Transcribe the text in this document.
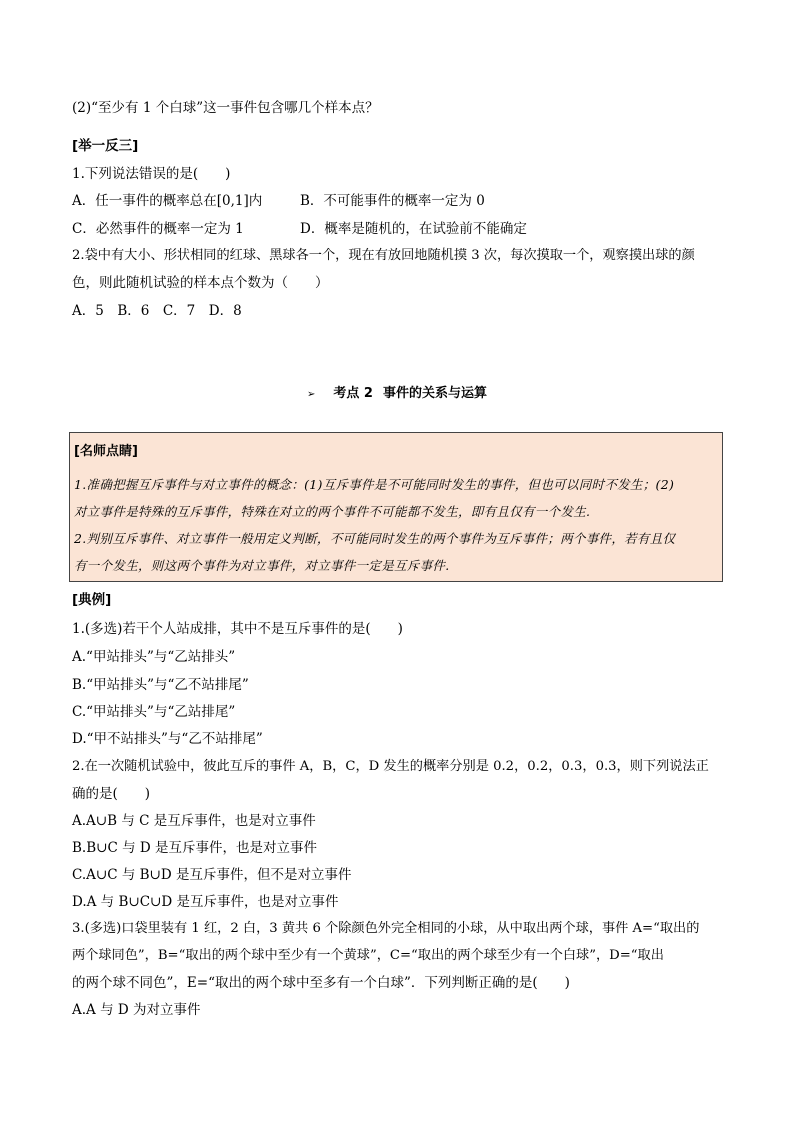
(2)“至少有 1 个白球”这一事件包含哪几个样本点？
[举一反三]
1.下列说法错误的是(　　)
A．任一事件的概率总在[0,1]内	B．不可能事件的概率一定为 0
C．必然事件的概率一定为 1	D．概率是随机的，在试验前不能确定
2.袋中有大小、形状相同的红球、黑球各一个，现在有放回地随机摸 3 次，每次摸取一个，观察摸出球的颜
色，则此随机试验的样本点个数为（　　）
A．5　B．6　C．7　D．8
➢ 考点 2 事件的关系与运算
[名师点睛]
1.准确把握互斥事件与对立事件的概念：(1)互斥事件是不可能同时发生的事件，但也可以同时不发生；(2)
对立事件是特殊的互斥事件，特殊在对立的两个事件不可能都不发生，即有且仅有一个发生.
2.判别互斥事件、对立事件一般用定义判断，不可能同时发生的两个事件为互斥事件；两个事件，若有且仅
有一个发生，则这两个事件为对立事件，对立事件一定是互斥事件.
[典例]
1.(多选)若干个人站成排，其中不是互斥事件的是(　　)
A.“甲站排头”与“乙站排头”
B.“甲站排头”与“乙不站排尾”
C.“甲站排头”与“乙站排尾”
D.“甲不站排头”与“乙不站排尾”
2.在一次随机试验中，彼此互斥的事件 A，B，C，D 发生的概率分别是 0.2，0.2，0.3，0.3，则下列说法正
确的是(　　)
A.A∪B 与 C 是互斥事件，也是对立事件
B.B∪C 与 D 是互斥事件，也是对立事件
C.A∪C 与 B∪D 是互斥事件，但不是对立事件
D.A 与 B∪C∪D 是互斥事件，也是对立事件
3.(多选)口袋里装有 1 红，2 白，3 黄共 6 个除颜色外完全相同的小球，从中取出两个球，事件 A=“取出的
两个球同色”，B=“取出的两个球中至少有一个黄球”，C=“取出的两个球至少有一个白球”，D=“取出
的两个球不同色”，E=“取出的两个球中至多有一个白球”．下列判断正确的是(　　)
A.A 与 D 为对立事件
